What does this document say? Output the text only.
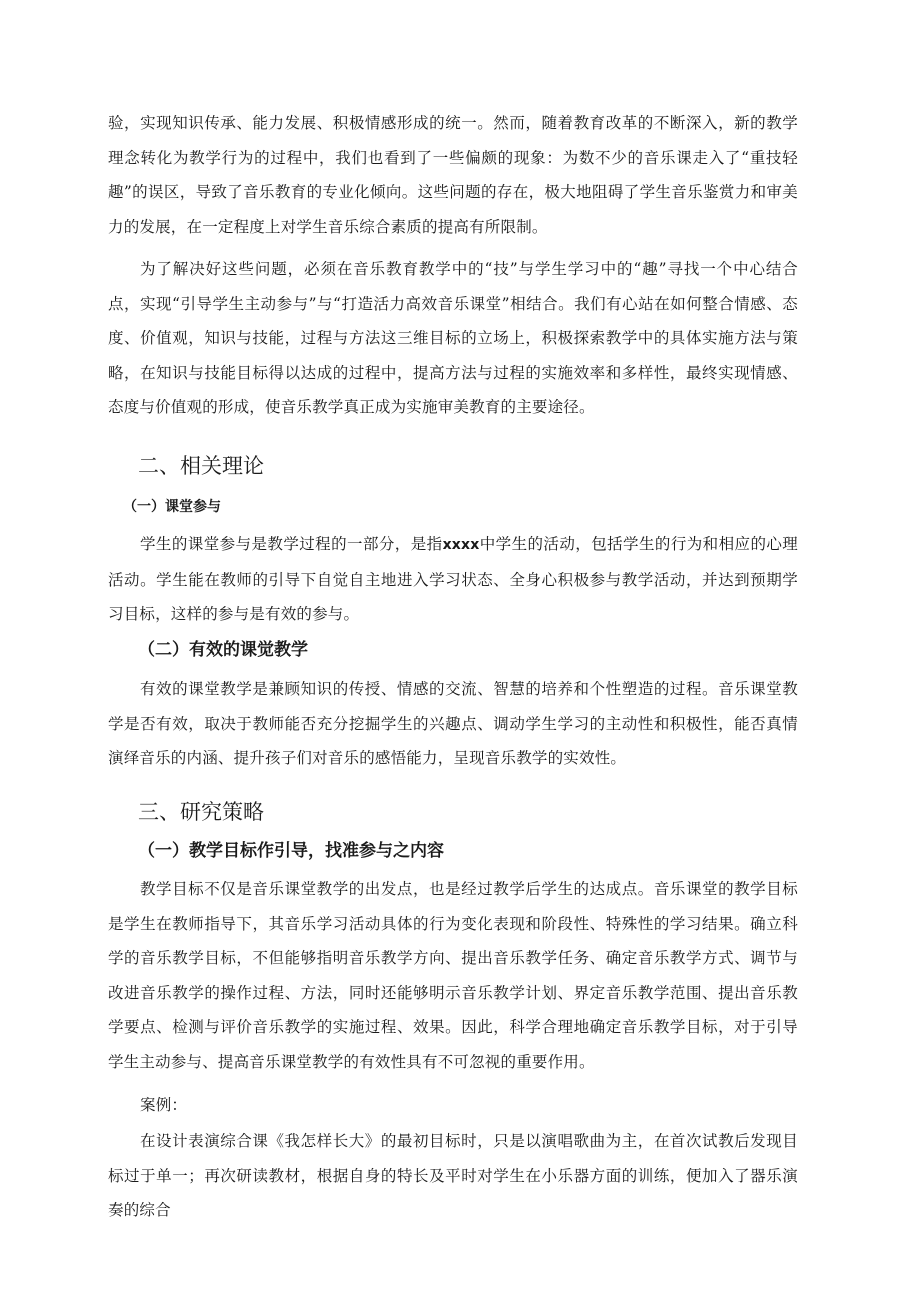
验，实现知识传承、能力发展、积极情感形成的统一。然而，随着教育改革的不断深入，新的教学理念转化为教学行为的过程中，我们也看到了一些偏颇的现象：为数不少的音乐课走入了“重技轻趣”的误区，导致了音乐教育的专业化倾向。这些问题的存在，极大地阻碍了学生音乐鉴赏力和审美力的发展，在一定程度上对学生音乐综合素质的提高有所限制。

为了解决好这些问题，必须在音乐教育教学中的“技”与学生学习中的“趣”寻找一个中心结合点，实现“引导学生主动参与”与“打造活力高效音乐课堂”相结合。我们有心站在如何整合情感、态度、价值观，知识与技能，过程与方法这三维目标的立场上，积极探索教学中的具体实施方法与策略，在知识与技能目标得以达成的过程中，提高方法与过程的实施效率和多样性，最终实现情感、态度与价值观的形成，使音乐教学真正成为实施审美教育的主要途径。

二、相关理论
（一）课堂参与

学生的课堂参与是教学过程的一部分，是指xxxx中学生的活动，包括学生的行为和相应的心理活动。学生能在教师的引导下自觉自主地进入学习状态、全身心积极参与教学活动，并达到预期学习目标，这样的参与是有效的参与。

（二）有效的课觉教学

有效的课堂教学是兼顾知识的传授、情感的交流、智慧的培养和个性塑造的过程。音乐课堂教学是否有效，取决于教师能否充分挖掘学生的兴趣点、调动学生学习的主动性和积极性，能否真情演绎音乐的内涵、提升孩子们对音乐的感悟能力，呈现音乐教学的实效性。

三、研究策略
（一）教学目标作引导，找准参与之内容

教学目标不仅是音乐课堂教学的出发点，也是经过教学后学生的达成点。音乐课堂的教学目标是学生在教师指导下，其音乐学习活动具体的行为变化表现和阶段性、特殊性的学习结果。确立科学的音乐教学目标，不但能够指明音乐教学方向、提出音乐教学任务、确定音乐教学方式、调节与改进音乐教学的操作过程、方法，同时还能够明示音乐教学计划、界定音乐教学范围、提出音乐教学要点、检测与评价音乐教学的实施过程、效果。因此，科学合理地确定音乐教学目标，对于引导学生主动参与、提高音乐课堂教学的有效性具有不可忽视的重要作用。

案例：

在设计表演综合课《我怎样长大》的最初目标时，只是以演唱歌曲为主，在首次试教后发现目标过于单一；再次研读教材，根据自身的特长及平时对学生在小乐器方面的训练，便加入了器乐演奏的综合
